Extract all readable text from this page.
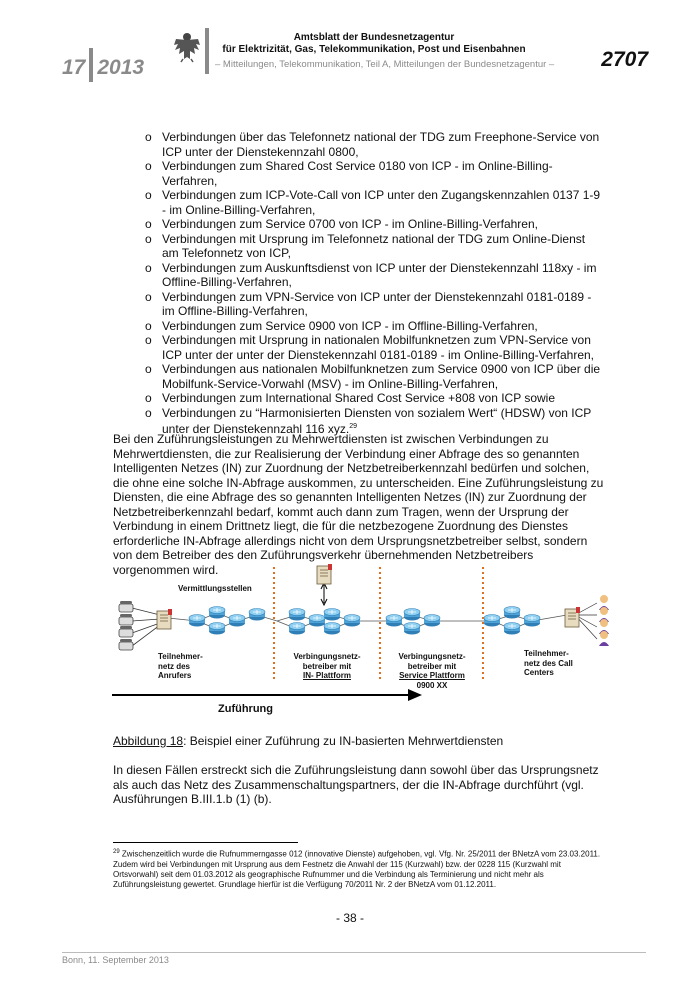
17 2013
Amtsblatt der Bundesnetzagentur
für Elektrizität, Gas, Telekommunikation, Post und Eisenbahnen
– Mitteilungen, Telekommunikation, Teil A, Mitteilungen der Bundesnetzagentur – 2707
o Verbindungen über das Telefonnetz national der TDG zum Freephone-Service von ICP unter der Dienstekennzahl 0800,
o Verbindungen zum Shared Cost Service 0180 von ICP - im Online-Billing-Verfahren,
o Verbindungen zum ICP-Vote-Call von ICP unter den Zugangskennzahlen 0137 1-9 - im Online-Billing-Verfahren,
o Verbindungen zum Service 0700 von ICP - im Online-Billing-Verfahren,
o Verbindungen mit Ursprung im Telefonnetz national der TDG zum Online-Dienst am Telefonnetz von ICP,
o Verbindungen zum Auskunftsdienst von ICP unter der Dienstekennzahl 118xy - im Offline-Billing-Verfahren,
o Verbindungen zum VPN-Service von ICP unter der Dienstekennzahl 0181-0189 - im Offline-Billing-Verfahren,
o Verbindungen zum Service 0900 von ICP - im Offline-Billing-Verfahren,
o Verbindungen mit Ursprung in nationalen Mobilfunknetzen zum VPN-Service von ICP unter der unter der Dienstekennzahl 0181-0189 - im Online-Billing-Verfahren,
o Verbindungen aus nationalen Mobilfunknetzen zum Service 0900 von ICP über die Mobilfunk-Service-Vorwahl (MSV) - im Online-Billing-Verfahren,
o Verbindungen zum International Shared Cost Service +808 von ICP sowie
o Verbindungen zu “Harmonisierten Diensten von sozialem Wert“ (HDSW) von ICP unter der Dienstekennzahl 116 xyz.$^{29}$

Bei den Zuführungsleistungen zu Mehrwertdiensten ist zwischen Verbindungen zu Mehrwertdiensten, die zur Realisierung der Verbindung einer Abfrage des so genannten Intelligenten Netzes (IN) zur Zuordnung der Netzbetreiberkennzahl bedürfen und solchen, die ohne eine solche IN-Abfrage auskommen, zu unterscheiden. Eine Zuführungsleistung zu Diensten, die eine Abfrage des so genannten Intelligenten Netzes (IN) zur Zuordnung der Netzbetreiberkennzahl bedarf, kommt auch dann zum Tragen, wenn der Ursprung der Verbindung in einem Drittnetz liegt, die für die netzbezogene Zuordnung des Dienstes erforderliche IN-Abfrage allerdings nicht von dem Ursprungsnetzbetreiber selbst, sondern von dem Betreiber des den Zuführungsverkehr übernehmenden Netzbetreibers vorgenommen wird.

Vermittlungsstellen
Teilnehmer-
netz des
Anrufers
Verbingungsnetz-
betreiber mit
IN- Plattform
Verbingungsnetz-
betreiber mit
Service Plattform
0900 XX
Teilnehmer-
netz des Call
Centers
Zuführung
Abbildung 18: Beispiel einer Zuführung zu IN-basierten Mehrwertdiensten

In diesen Fällen erstreckt sich die Zuführungsleistung dann sowohl über das Ursprungsnetz als auch das Netz des Zusammenschaltungspartners, der die IN-Abfrage durchführt (vgl. Ausführungen B.III.1.b (1) (b).

$^{29}$ Zwischenzeitlich wurde die Rufnummerngasse 012 (innovative Dienste) aufgehoben, vgl. Vfg. Nr. 25/2011 der BNetzA vom 23.03.2011. Zudem wird bei Verbindungen mit Ursprung aus dem Festnetz die Anwahl der 115 (Kurzwahl) bzw. der 0228 115 (Kurzwahl mit Ortsvorwahl) seit dem 01.03.2012 als geographische Rufnummer und die Verbindung als Terminierung und nicht mehr als Zuführungsleistung gewertet. Grundlage hierfür ist die Verfügung 70/2011 Nr. 2 der BNetzA vom 01.12.2011.
- 38 -
Bonn, 11. September 2013
